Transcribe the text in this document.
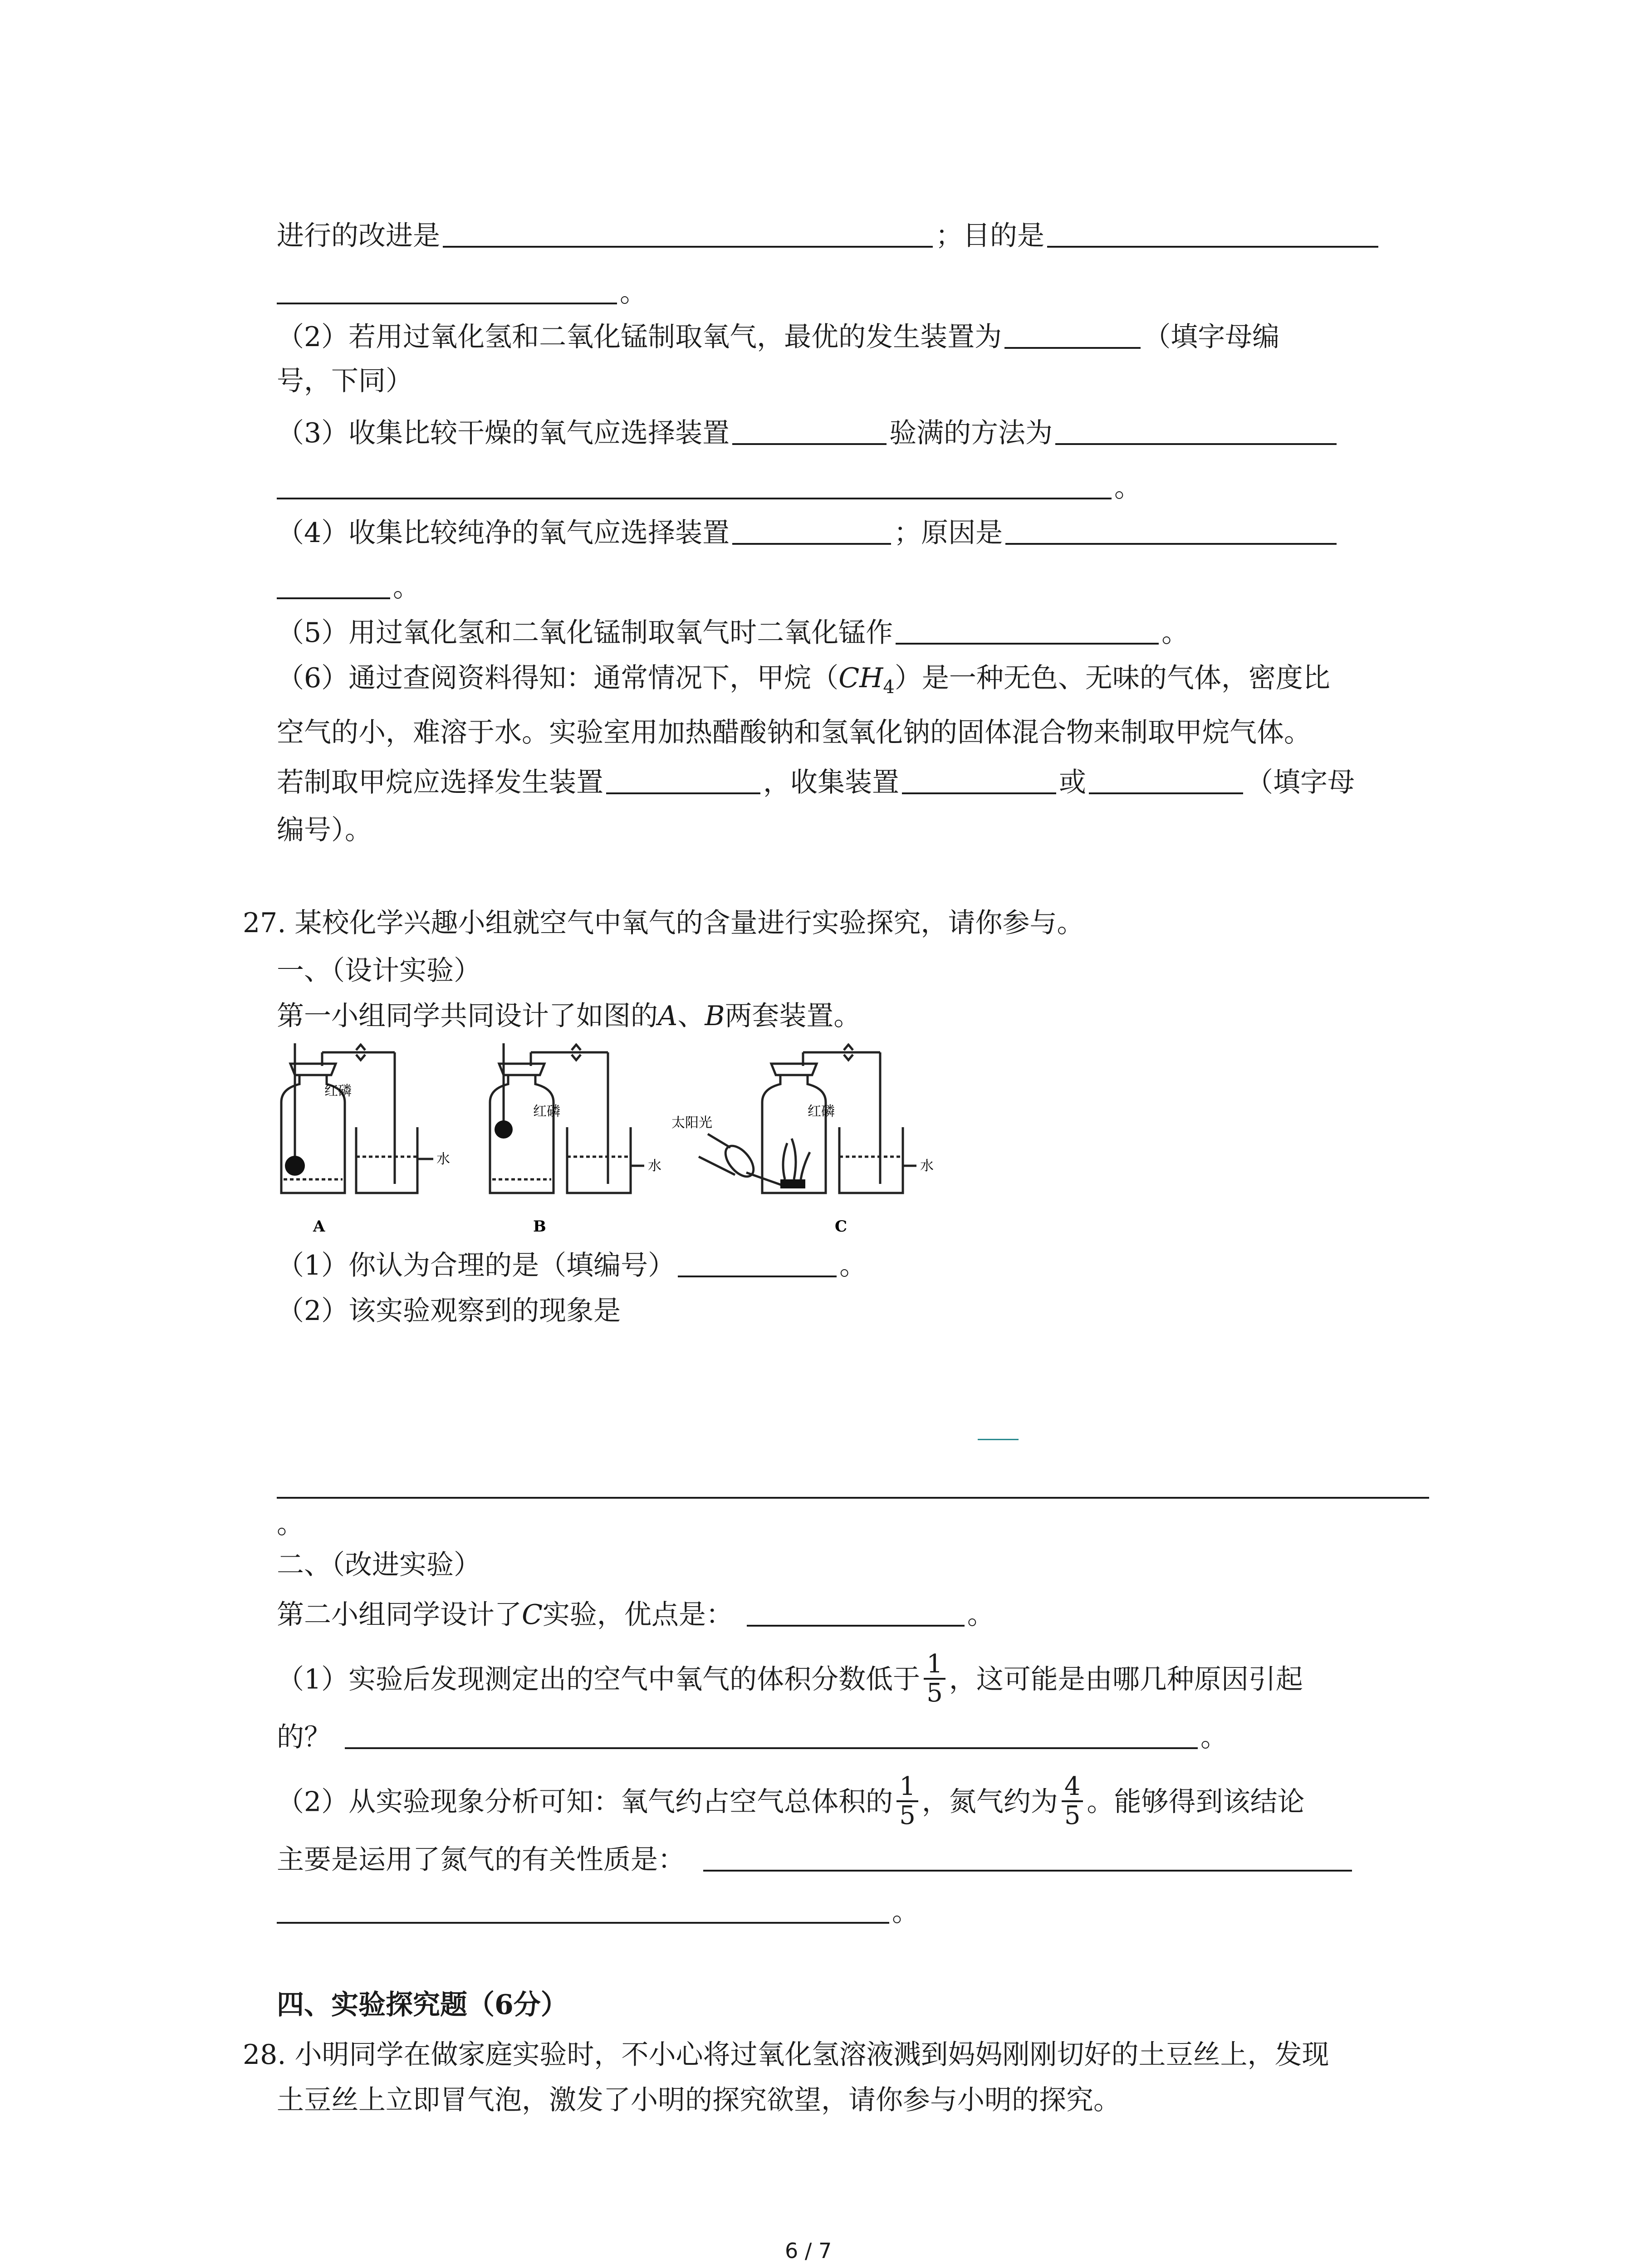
进行的改进是	；目的是
。
（2）若用过氧化氢和二氧化锰制取氧气，最优的发生装置为	（填字母编
号，下同）
（3）收集比较干燥的氧气应选择装置	验满的方法为
。
（4）收集比较纯净的氧气应选择装置	；原因是
。
（5）用过氧化氢和二氧化锰制取氧气时二氧化锰作	。
（6）通过查阅资料得知：通常情况下，甲烷$(CH_4)$是一种无色、无味的气体，密度比
空气的小，难溶于水。实验室用加热醋酸钠和氢氧化钠的固体混合物来制取甲烷气体。
若制取甲烷应选择发生装置	，收集装置	或	（填字母
编号）。
27. 某校化学兴趣小组就空气中氧气的含量进行实验探究，请你参与。
一、（设计实验）
第一小组同学共同设计了如图的A、B两套装置。
红磷
水
红磷
水
太阳光
红磷
水
A	B	C
（1）你认为合理的是（填编号）	。
（2）该实验观察到的现象是
。
二、（改进实验）
第二小组同学设计了C实验，优点是：	。
（1）实验后发现测定出的空气中氧气的体积分数低于 $\frac{1}{5}$ ，这可能是由哪几种原因引起
的？	。
（2）从实验现象分析可知：氧气约占空气总体积的 $\frac{1}{5}$ ，氮气约为 $\frac{4}{5}$ 。能够得到该结论
主要是运用了氮气的有关性质是：
。
四、实验探究题（6分）
28. 小明同学在做家庭实验时，不小心将过氧化氢溶液溅到妈妈刚刚切好的土豆丝上，发现
土豆丝上立即冒气泡，激发了小明的探究欲望，请你参与小明的探究。
6 / 7
